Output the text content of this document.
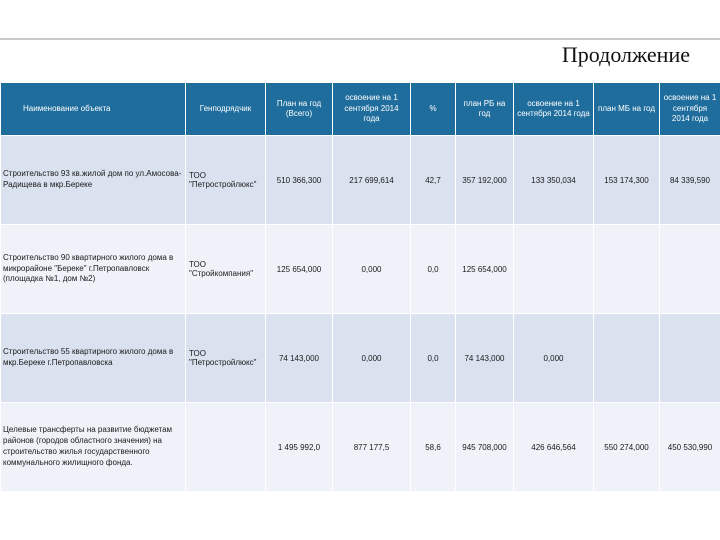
Продолжение
Наименование объекта	Генподрядчик	План на год (Всего)	освоение на 1 сентября 2014 года	%	план РБ на год	освоение на 1 сентября 2014 года	план МБ на год	освоение на 1 сентября 2014 года
Строительство 93 кв.жилой дом по ул.Амосова-Радищева в мкр.Береке	ТОО "Петростройлюкс"	510 366,300	217 699,614	42,7	357 192,000	133 350,034	153 174,300	84 339,590
Строительство 90 квартирного жилого дома в микрорайоне "Береке" г.Петропавловск (площадка №1, дом №2)	ТОО "Стройкомпания"	125 654,000	0,000	0,0	125 654,000			
Строительство 55 квартирного жилого дома в мкр.Береке г.Петропавловска	ТОО "Петростройлюкс"	74 143,000	0,000	0,0	74 143,000	0,000		
Целевые трансферты на развитие бюджетам районов (городов областного значения) на строительство жилья государственного коммунального жилищного фонда.		1 495 992,0	877 177,5	58,6	945 708,000	426 646,564	550 274,000	450 530,990
